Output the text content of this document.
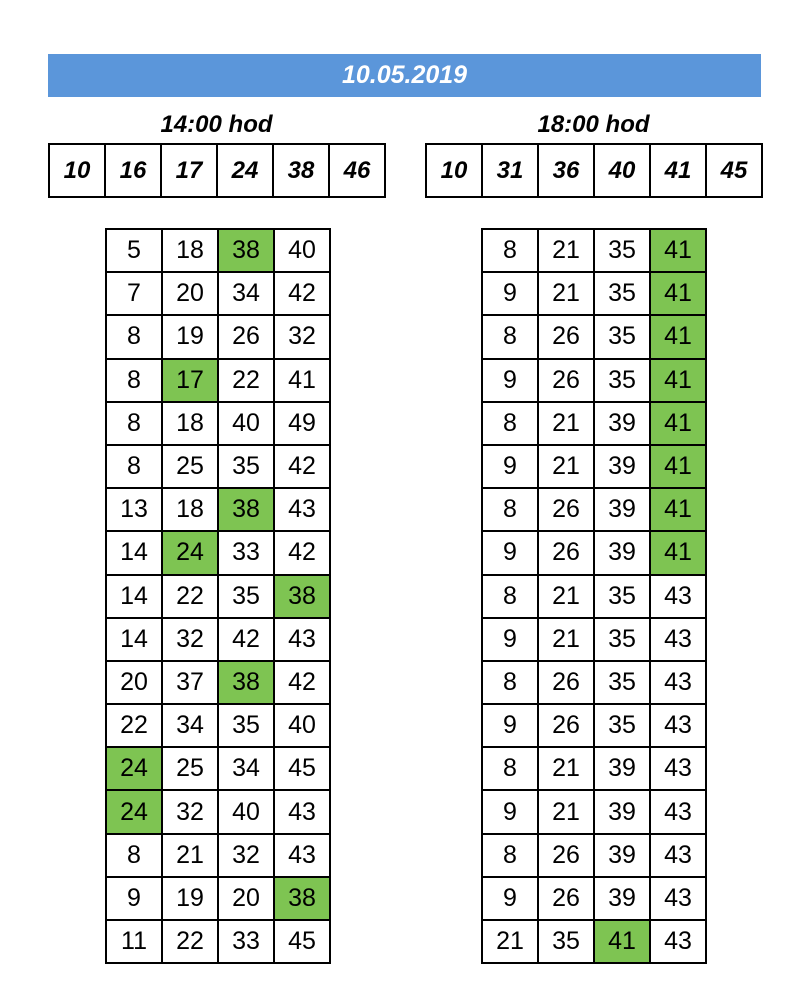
10.05.2019
14:00 hod	18:00 hod
10	16	17	24	38	46	10	31	36	40	41	45
5	18	38	40
7	20	34	42
8	19	26	32
8	17	22	41
8	18	40	49
8	25	35	42
13	18	38	43
14	24	33	42
14	22	35	38
14	32	42	43
20	37	38	42
22	34	35	40
24	25	34	45
24	32	40	43
8	21	32	43
9	19	20	38
11	22	33	45
8	21	35	41
9	21	35	41
8	26	35	41
9	26	35	41
8	21	39	41
9	21	39	41
8	26	39	41
9	26	39	41
8	21	35	43
9	21	35	43
8	26	35	43
9	26	35	43
8	21	39	43
9	21	39	43
8	26	39	43
9	26	39	43
21	35	41	43
